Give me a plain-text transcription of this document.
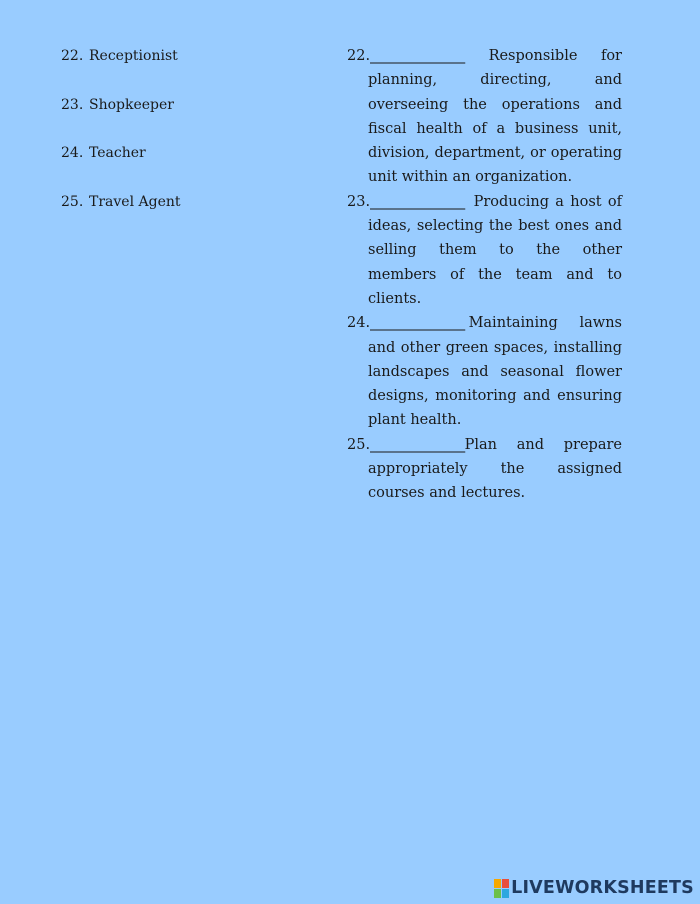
22. Receptionist
23. Shopkeeper
24. Teacher
25. Travel Agent

22.______________ Responsible for planning, directing, and overseeing the operations and fiscal health of a business unit, division, department, or operating unit within an organization.

23.______________ Producing a host of ideas, selecting the best ones and selling them to the other members of the team and to clients.

24.______________ Maintaining lawns and other green spaces, installing landscapes and seasonal flower designs, monitoring and ensuring plant health.

25.______________Plan and prepare appropriately the assigned courses and lectures.

LIVEWORKSHEETS
